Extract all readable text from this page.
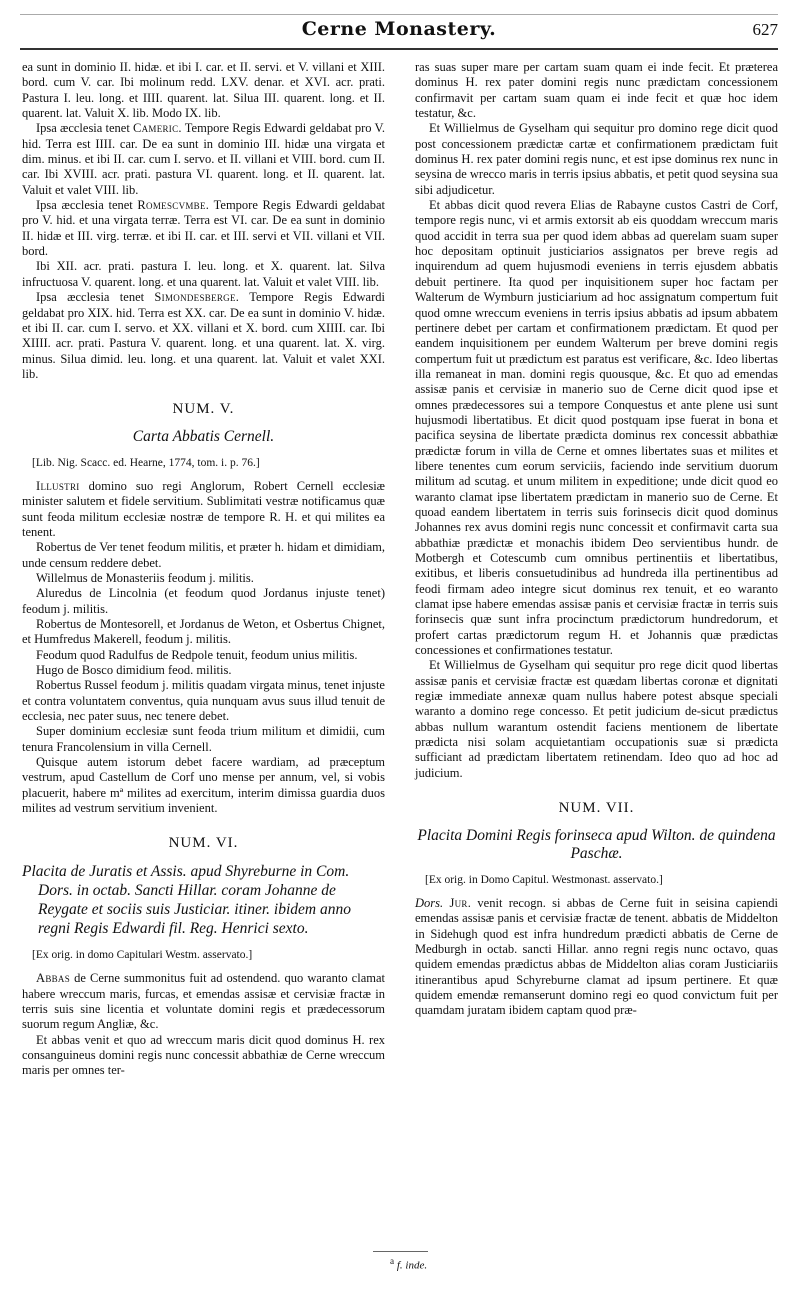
Cerne Monastery.	627

ea sunt in dominio II. hidæ. et ibi I. car. et II. servi. et V. villani et XIII. bord. cum V. car. Ibi molinum redd. LXV. denar. et XVI. acr. prati. Pastura I. leu. long. et IIII. quarent. lat. Silua III. quarent. long. et II. quarent. lat. Valuit X. lib. Modo IX. lib.

Ipsa æcclesia tenet Cameric. Tempore Regis Edwardi geldabat pro V. hid. Terra est IIII. car. De ea sunt in dominio III. hidæ una virgata et dim. minus. et ibi II. car. cum I. servo. et II. villani et VIII. bord. cum II. car. Ibi XVIII. acr. prati. pastura VI. quarent. long. et II. quarent. lat. Valuit et valet VIII. lib.

Ipsa æcclesia tenet Romescvmbe. Tempore Regis Edwardi geldabat pro V. hid. et una virgata terræ. Terra est VI. car. De ea sunt in dominio II. hidæ et III. virg. terræ. et ibi II. car. et III. servi et VII. villani et VII. bord.

Ibi XII. acr. prati. pastura I. leu. long. et X. quarent. lat. Silva infructuosa V. quarent. long. et una quarent. lat. Valuit et valet VIII. lib.

Ipsa æcclesia tenet Simondesberge. Tempore Regis Edwardi geldabat pro XIX. hid. Terra est XX. car. De ea sunt in dominio V. hidæ. et ibi II. car. cum I. servo. et XX. villani et X. bord. cum XIIII. car. Ibi XIIII. acr. prati. Pastura V. quarent. long. et una quarent. lat. X. virg. minus. Silua dimid. leu. long. et una quarent. lat. Valuit et valet XXI. lib.

NUM. V.
Carta Abbatis Cernell.
[Lib. Nig. Scacc. ed. Hearne, 1774, tom. i. p. 76.]

Illustri domino suo regi Anglorum, Robert Cernell ecclesiæ minister salutem et fidele servitium. Sublimitati vestræ notificamus quæ sunt feoda militum ecclesiæ nostræ de tempore R. H. et qui milites ea tenent.

Robertus de Ver tenet feodum militis, et præter h. hidam et dimidiam, unde censum reddere debet.

Willelmus de Monasteriis feodum j. militis.

Aluredus de Lincolnia (et feodum quod Jordanus injuste tenet) feodum j. militis.

Robertus de Montesorell, et Jordanus de Weton, et Osbertus Chignet, et Humfredus Makerell, feodum j. militis.

Feodum quod Radulfus de Redpole tenuit, feodum unius militis.

Hugo de Bosco dimidium feod. militis.

Robertus Russel feodum j. militis quadam virgata minus, tenet injuste et contra voluntatem conventus, quia nunquam avus suus illud tenuit de ecclesia, nec pater suus, nec tenere debet.

Super dominium ecclesiæ sunt feoda trium militum et dimidii, cum tenura Francolensium in villa Cernell.

Quisque autem istorum debet facere wardiam, ad præceptum vestrum, apud Castellum de Corf uno mense per annum, vel, si vobis placuerit, habere mª milites ad exercitum, interim dimissa guardia duos milites ad vestrum servitium invenient.

NUM. VI.
Placita de Juratis et Assis. apud Shyreburne in Com.
Dors. in octab. Sancti Hillar. coram Johanne de
Reygate et sociis suis Justiciar. itiner. ibidem anno
regni Regis Edwardi fil. Reg. Henrici sexto.
[Ex orig. in domo Capitulari Westm. asservato.]

Abbas de Cerne summonitus fuit ad ostendend. quo waranto clamat habere wreccum maris, furcas, et emendas assisæ et cervisiæ fractæ in terris suis sine licentia et voluntate domini regis et prædecessorum suorum regum Angliæ, &c.

Et abbas venit et quo ad wreccum maris dicit quod dominus H. rex consanguineus domini regis nunc concessit abbathiæ de Cerne wreccum maris per omnes ter-

ras suas super mare per cartam suam quam ei inde fecit. Et præterea dominus H. rex pater domini regis nunc prædictam concessionem confirmavit per cartam suam quam ei inde fecit et quæ hoc idem testatur, &c.

Et Willielmus de Gyselham qui sequitur pro domino rege dicit quod post concessionem prædictæ cartæ et confirmationem prædictam fuit dominus H. rex pater domini regis nunc, et est ipse dominus rex nunc in seysina de wrecco maris in terris ipsius abbatis, et petit quod seysina sua sibi adjudicetur.

Et abbas dicit quod revera Elias de Rabayne custos Castri de Corf, tempore regis nunc, vi et armis extorsit ab eis quoddam wreccum maris quod accidit in terra sua per quod idem abbas ad querelam suam super hoc depositam optinuit justiciarios assignatos per breve regis ad inquirendum ad quem hujusmodi eveniens in terris ejusdem abbatis debuit pertinere. Ita quod per inquisitionem super hoc factam per Walterum de Wymburn justiciarium ad hoc assignatum compertum fuit quod omne wreccum eveniens in terris ipsius abbatis ad ipsum abbatem pertinere debet per cartam et confirmationem prædictam. Et quod per eandem inquisitionem per eundem Walterum per breve domini regis compertum fuit ut prædictum est paratus est verificare, &c. Ideo libertas illa remaneat in man. domini regis quousque, &c. Et quo ad emendas assisæ panis et cervisiæ in manerio suo de Cerne dicit quod ipse et omnes prædecessores sui a tempore Conquestus et ante plene usi sunt hujusmodi libertatibus. Et dicit quod postquam ipse fuerat in bona et pacifica seysina de libertate prædicta dominus rex concessit abbathiæ prædictæ forum in villa de Cerne et omnes libertates suas et milites et libere tenentes cum eorum serviciis, faciendo inde servitium duorum militum ad scutag. et unum militem in expeditione; unde dicit quod eo waranto clamat ipse libertatem prædictam in manerio suo de Cerne. Et quoad eandem libertatem in terris suis forinsecis dicit quod dominus Johannes rex avus domini regis nunc concessit et confirmavit carta sua abbathiæ prædictæ et monachis ibidem Deo servientibus hundr. de Motbergh et Cotescumb cum omnibus pertinentiis et libertatibus, exitibus, et liberis consuetudinibus ad hundreda illa pertinentibus ad feodi firmam adeo integre sicut dominus rex tenuit, et eo waranto clamat ipse habere emendas assisæ panis et cervisiæ fractæ in terris suis forinsecis quæ sunt infra procinctum prædictorum hundredorum, et profert cartas prædictorum regum H. et Johannis quæ prædictas concessiones et confirmationes testatur.

Et Willielmus de Gyselham qui sequitur pro rege dicit quod libertas assisæ panis et cervisiæ fractæ est quædam libertas coronæ et dignitati regiæ immediate annexæ quam nullus habere potest absque speciali waranto a domino rege concesso. Et petit judicium de-sicut prædictus abbas nullum warantum ostendit faciens mentionem de libertate prædicta nisi solam acquietantiam occupationis suæ si prædicta sufficiant ad prædictam libertatem retinendam. Ideo quo ad hoc ad judicium.

NUM. VII.
Placita Domini Regis forinseca apud Wilton. de quindena
Paschæ.
[Ex orig. in Domo Capitul. Westmonast. asservato.]

Dors. Jur. venit recogn. si abbas de Cerne fuit in seisina capiendi emendas assisæ panis et cervisiæ fractæ de tenent. abbatis de Middelton in Sidehugh quod est infra hundredum prædicti abbatis de Cerne de Medburgh in octab. sancti Hillar. anno regni regis nunc octavo, quas quidem emendas prædictus abbas de Middelton alias coram Justiciariis itinerantibus apud Schyreburne clamat ad ipsum pertinere. Et quæ quidem emendæ remanserunt domino regi eo quod convictum fuit per quamdam juratam ibidem captam quod præ-

$^a$ f. inde.
